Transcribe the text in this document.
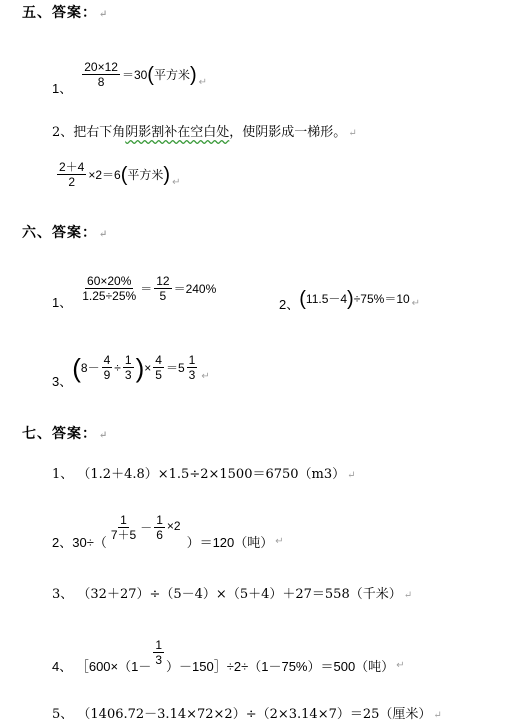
五、答案： ↵
1、 $\frac{20\times 12}{8} =30$ ( 平方米 ) ↵
2、把右下角阴影割补在空白处，使阴影成一梯形。 ↵
$\frac{2+4}{2} \times 2=6$ ( 平方米 ) ↵
六、答案： ↵
1、 $\frac{60\times 20\%}{1.25\div 25\%} = \frac{12}{5} =240\%$
2、 ( 11.5－4 ) ÷75%＝10 ↵
3、 ( $8- \frac{4}{9} \div \frac{1}{3}$ ) × $\frac{4}{5} =5 \frac{1}{3}$ ↵
七、答案： ↵
1、 （1.2＋4.8）×1.5÷2×1500＝6750（m3） ↵
2、30÷（
$\frac{1}{7+5} - \frac{1}{6} \times 2$
）＝120（吨） ↵
3、 （32＋27）÷（5－4）×（5＋4）＋27＝558（千米） ↵
4、 ［600×（1－ $\frac{1}{3}$ ）－150］÷2÷（1－75%）＝500（吨） ↵
5、 （1406.72－3.14×72×2）÷（2×3.14×7）＝25（厘米） ↵
